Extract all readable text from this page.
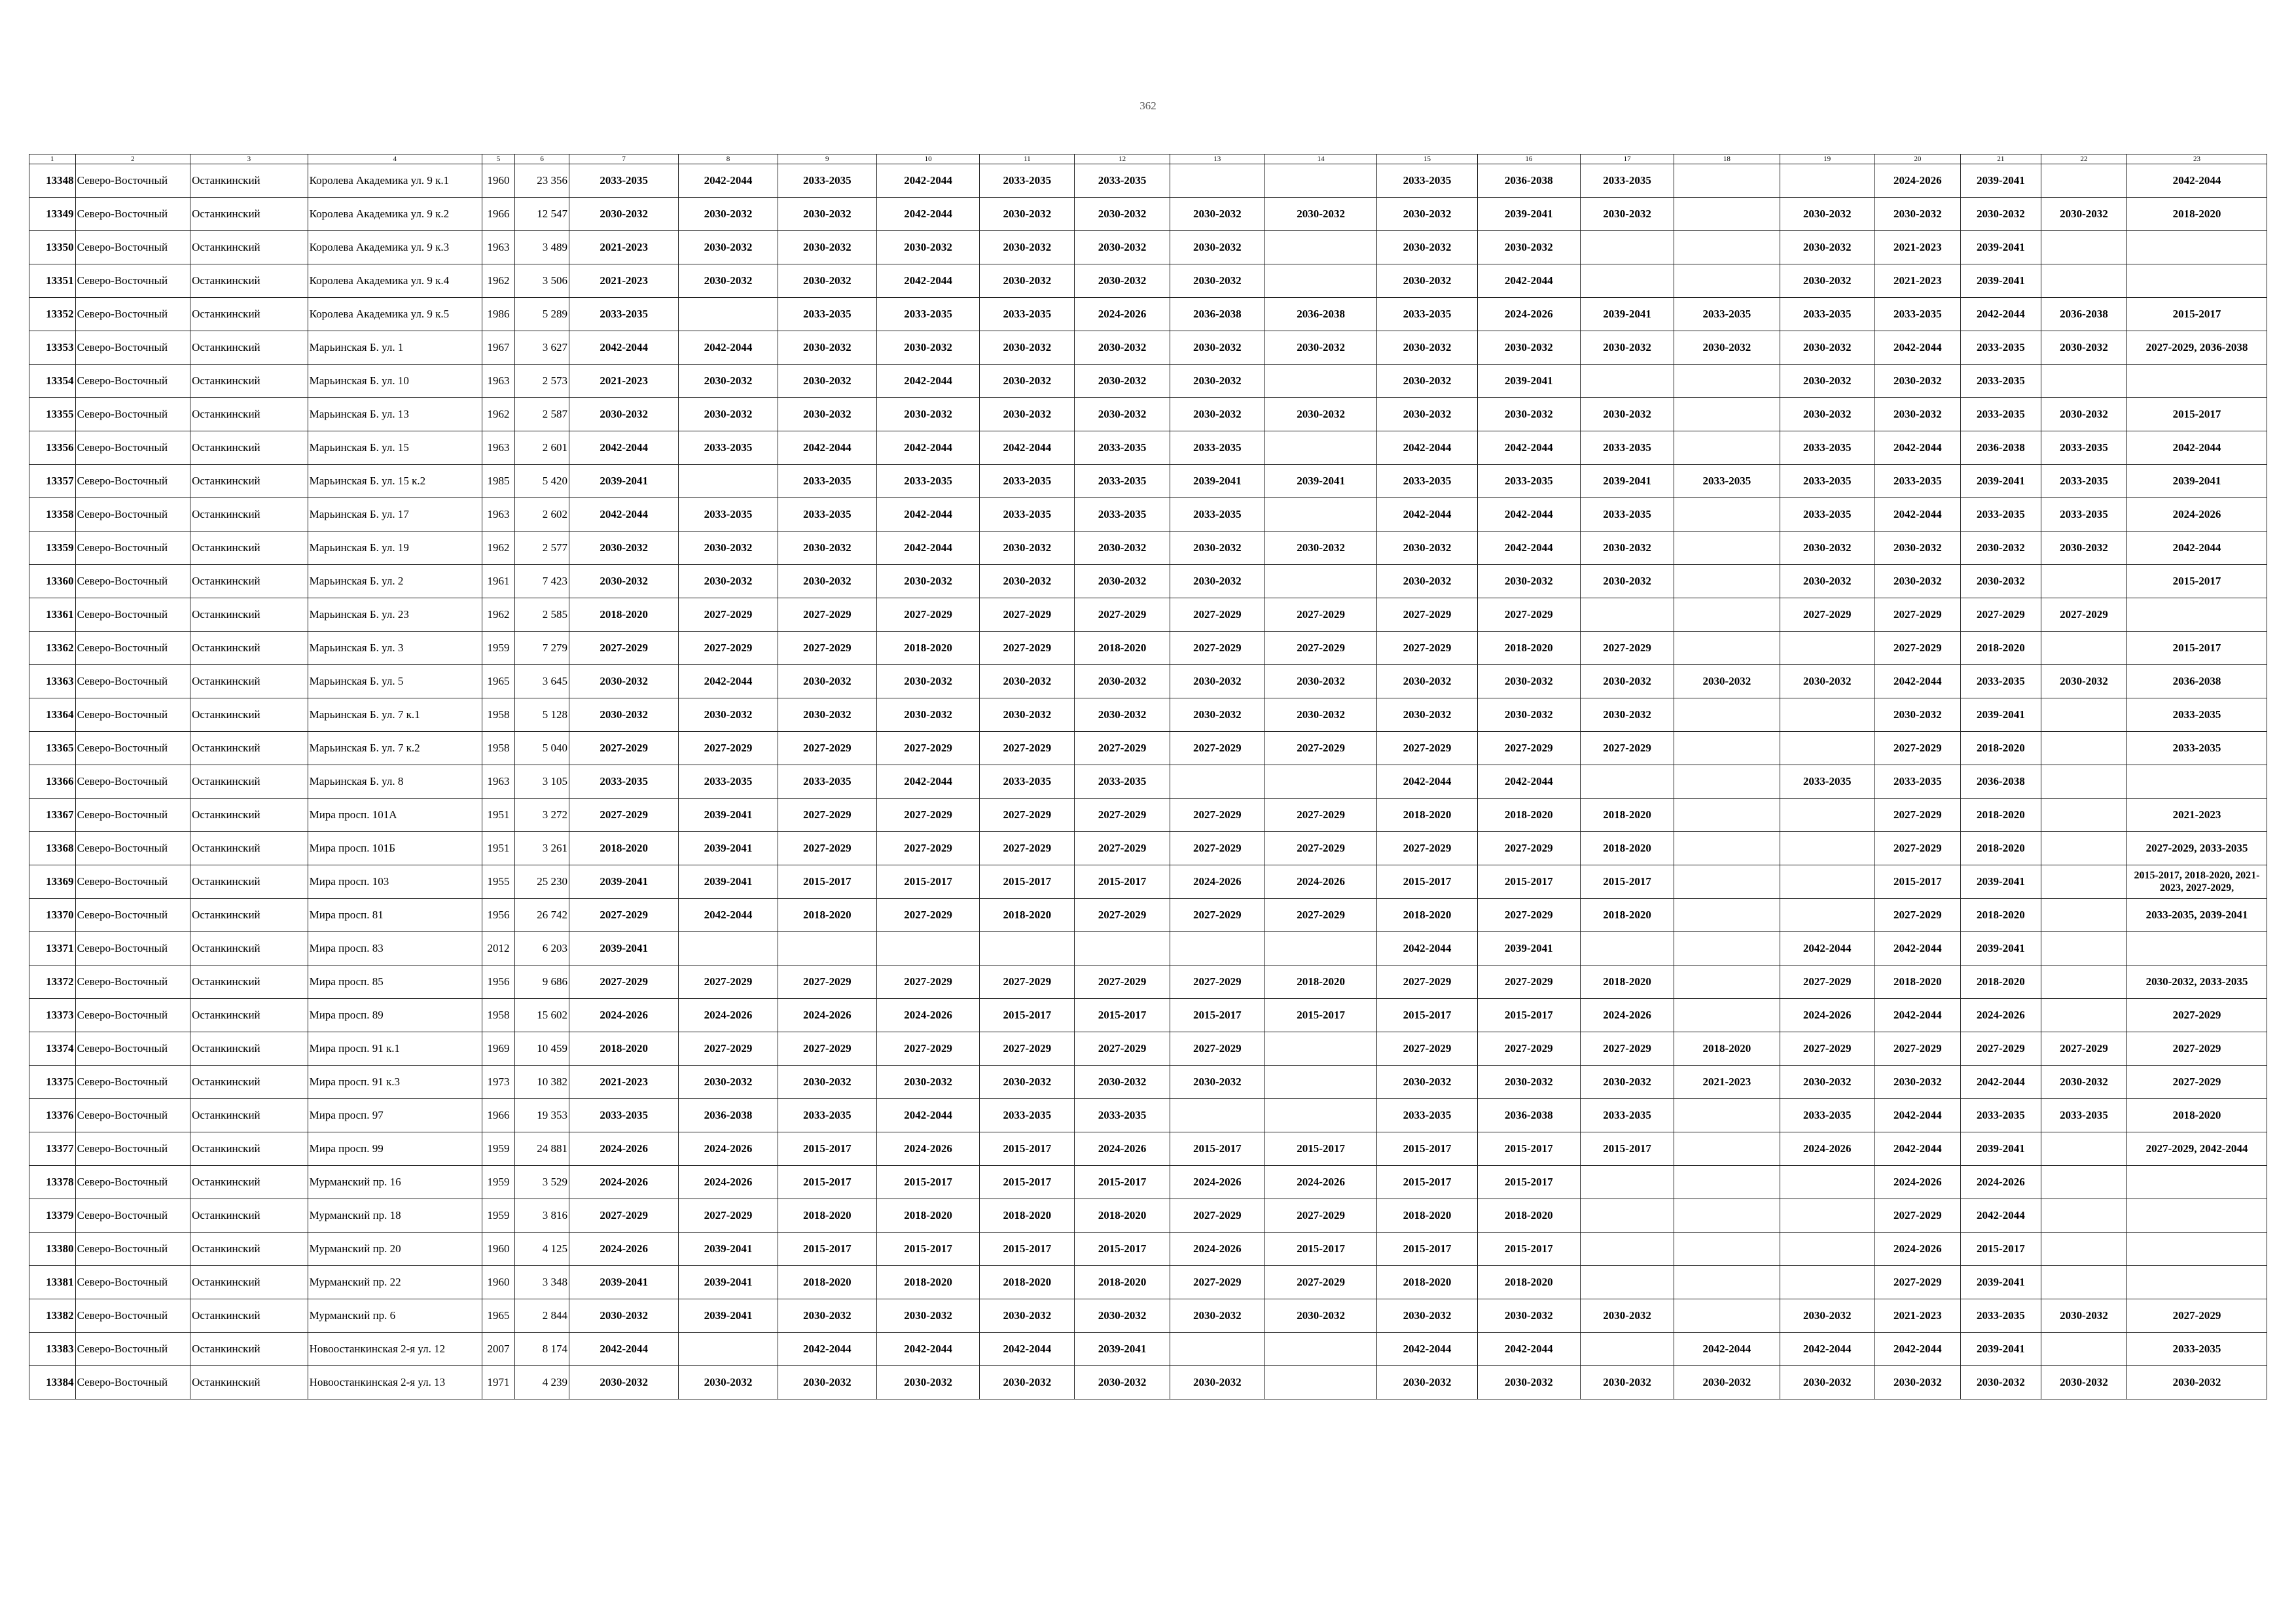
362
1	2	3	4	5	6	7	8	9	10	11	12	13	14	15	16	17	18	19	20	21	22	23
13348	Северо-Восточный	Останкинский	Королева Академика ул. 9 к.1	1960	23 356	2033-2035	2042-2044	2033-2035	2042-2044	2033-2035	2033-2035			2033-2035	2036-2038	2033-2035			2024-2026	2039-2041		2042-2044
13349	Северо-Восточный	Останкинский	Королева Академика ул. 9 к.2	1966	12 547	2030-2032	2030-2032	2030-2032	2042-2044	2030-2032	2030-2032	2030-2032	2030-2032	2030-2032	2039-2041	2030-2032		2030-2032	2030-2032	2030-2032	2030-2032	2018-2020
13350	Северо-Восточный	Останкинский	Королева Академика ул. 9 к.3	1963	3 489	2021-2023	2030-2032	2030-2032	2030-2032	2030-2032	2030-2032	2030-2032		2030-2032	2030-2032			2030-2032	2021-2023	2039-2041		
13351	Северо-Восточный	Останкинский	Королева Академика ул. 9 к.4	1962	3 506	2021-2023	2030-2032	2030-2032	2042-2044	2030-2032	2030-2032	2030-2032		2030-2032	2042-2044			2030-2032	2021-2023	2039-2041		
13352	Северо-Восточный	Останкинский	Королева Академика ул. 9 к.5	1986	5 289	2033-2035		2033-2035	2033-2035	2033-2035	2024-2026	2036-2038	2036-2038	2033-2035	2024-2026	2039-2041	2033-2035	2033-2035	2033-2035	2042-2044	2036-2038	2015-2017
13353	Северо-Восточный	Останкинский	Марьинская Б. ул. 1	1967	3 627	2042-2044	2042-2044	2030-2032	2030-2032	2030-2032	2030-2032	2030-2032	2030-2032	2030-2032	2030-2032	2030-2032	2030-2032	2030-2032	2042-2044	2033-2035	2030-2032	2027-2029, 2036-2038
13354	Северо-Восточный	Останкинский	Марьинская Б. ул. 10	1963	2 573	2021-2023	2030-2032	2030-2032	2042-2044	2030-2032	2030-2032	2030-2032		2030-2032	2039-2041			2030-2032	2030-2032	2033-2035		
13355	Северо-Восточный	Останкинский	Марьинская Б. ул. 13	1962	2 587	2030-2032	2030-2032	2030-2032	2030-2032	2030-2032	2030-2032	2030-2032	2030-2032	2030-2032	2030-2032	2030-2032		2030-2032	2030-2032	2033-2035	2030-2032	2015-2017
13356	Северо-Восточный	Останкинский	Марьинская Б. ул. 15	1963	2 601	2042-2044	2033-2035	2042-2044	2042-2044	2042-2044	2033-2035	2033-2035		2042-2044	2042-2044	2033-2035		2033-2035	2042-2044	2036-2038	2033-2035	2042-2044
13357	Северо-Восточный	Останкинский	Марьинская Б. ул. 15 к.2	1985	5 420	2039-2041		2033-2035	2033-2035	2033-2035	2033-2035	2039-2041	2039-2041	2033-2035	2033-2035	2039-2041	2033-2035	2033-2035	2033-2035	2039-2041	2033-2035	2039-2041
13358	Северо-Восточный	Останкинский	Марьинская Б. ул. 17	1963	2 602	2042-2044	2033-2035	2033-2035	2042-2044	2033-2035	2033-2035	2033-2035		2042-2044	2042-2044	2033-2035		2033-2035	2042-2044	2033-2035	2033-2035	2024-2026
13359	Северо-Восточный	Останкинский	Марьинская Б. ул. 19	1962	2 577	2030-2032	2030-2032	2030-2032	2042-2044	2030-2032	2030-2032	2030-2032	2030-2032	2030-2032	2042-2044	2030-2032		2030-2032	2030-2032	2030-2032	2030-2032	2042-2044
13360	Северо-Восточный	Останкинский	Марьинская Б. ул. 2	1961	7 423	2030-2032	2030-2032	2030-2032	2030-2032	2030-2032	2030-2032	2030-2032		2030-2032	2030-2032	2030-2032		2030-2032	2030-2032	2030-2032		2015-2017
13361	Северо-Восточный	Останкинский	Марьинская Б. ул. 23	1962	2 585	2018-2020	2027-2029	2027-2029	2027-2029	2027-2029	2027-2029	2027-2029	2027-2029	2027-2029	2027-2029			2027-2029	2027-2029	2027-2029	2027-2029	
13362	Северо-Восточный	Останкинский	Марьинская Б. ул. 3	1959	7 279	2027-2029	2027-2029	2027-2029	2018-2020	2027-2029	2018-2020	2027-2029	2027-2029	2027-2029	2018-2020	2027-2029			2027-2029	2018-2020		2015-2017
13363	Северо-Восточный	Останкинский	Марьинская Б. ул. 5	1965	3 645	2030-2032	2042-2044	2030-2032	2030-2032	2030-2032	2030-2032	2030-2032	2030-2032	2030-2032	2030-2032	2030-2032	2030-2032	2030-2032	2042-2044	2033-2035	2030-2032	2036-2038
13364	Северо-Восточный	Останкинский	Марьинская Б. ул. 7 к.1	1958	5 128	2030-2032	2030-2032	2030-2032	2030-2032	2030-2032	2030-2032	2030-2032	2030-2032	2030-2032	2030-2032	2030-2032			2030-2032	2039-2041		2033-2035
13365	Северо-Восточный	Останкинский	Марьинская Б. ул. 7 к.2	1958	5 040	2027-2029	2027-2029	2027-2029	2027-2029	2027-2029	2027-2029	2027-2029	2027-2029	2027-2029	2027-2029	2027-2029			2027-2029	2018-2020		2033-2035
13366	Северо-Восточный	Останкинский	Марьинская Б. ул. 8	1963	3 105	2033-2035	2033-2035	2033-2035	2042-2044	2033-2035	2033-2035			2042-2044	2042-2044			2033-2035	2033-2035	2036-2038		
13367	Северо-Восточный	Останкинский	Мира просп. 101А	1951	3 272	2027-2029	2039-2041	2027-2029	2027-2029	2027-2029	2027-2029	2027-2029	2027-2029	2018-2020	2018-2020	2018-2020			2027-2029	2018-2020		2021-2023
13368	Северо-Восточный	Останкинский	Мира просп. 101Б	1951	3 261	2018-2020	2039-2041	2027-2029	2027-2029	2027-2029	2027-2029	2027-2029	2027-2029	2027-2029	2027-2029	2018-2020			2027-2029	2018-2020		2027-2029, 2033-2035
13369	Северо-Восточный	Останкинский	Мира просп. 103	1955	25 230	2039-2041	2039-2041	2015-2017	2015-2017	2015-2017	2015-2017	2024-2026	2024-2026	2015-2017	2015-2017	2015-2017			2015-2017	2039-2041		2015-2017, 2018-2020, 2021-2023, 2027-2029,
13370	Северо-Восточный	Останкинский	Мира просп. 81	1956	26 742	2027-2029	2042-2044	2018-2020	2027-2029	2018-2020	2027-2029	2027-2029	2027-2029	2018-2020	2027-2029	2018-2020			2027-2029	2018-2020		2033-2035, 2039-2041
13371	Северо-Восточный	Останкинский	Мира просп. 83	2012	6 203	2039-2041								2042-2044	2039-2041			2042-2044	2042-2044	2039-2041		
13372	Северо-Восточный	Останкинский	Мира просп. 85	1956	9 686	2027-2029	2027-2029	2027-2029	2027-2029	2027-2029	2027-2029	2027-2029	2018-2020	2027-2029	2027-2029	2018-2020		2027-2029	2018-2020	2018-2020		2030-2032, 2033-2035
13373	Северо-Восточный	Останкинский	Мира просп. 89	1958	15 602	2024-2026	2024-2026	2024-2026	2024-2026	2015-2017	2015-2017	2015-2017	2015-2017	2015-2017	2015-2017	2024-2026		2024-2026	2042-2044	2024-2026		2027-2029
13374	Северо-Восточный	Останкинский	Мира просп. 91 к.1	1969	10 459	2018-2020	2027-2029	2027-2029	2027-2029	2027-2029	2027-2029	2027-2029		2027-2029	2027-2029	2027-2029	2018-2020	2027-2029	2027-2029	2027-2029	2027-2029	2027-2029
13375	Северо-Восточный	Останкинский	Мира просп. 91 к.3	1973	10 382	2021-2023	2030-2032	2030-2032	2030-2032	2030-2032	2030-2032	2030-2032		2030-2032	2030-2032	2030-2032	2021-2023	2030-2032	2030-2032	2042-2044	2030-2032	2027-2029
13376	Северо-Восточный	Останкинский	Мира просп. 97	1966	19 353	2033-2035	2036-2038	2033-2035	2042-2044	2033-2035	2033-2035			2033-2035	2036-2038	2033-2035		2033-2035	2042-2044	2033-2035	2033-2035	2018-2020
13377	Северо-Восточный	Останкинский	Мира просп. 99	1959	24 881	2024-2026	2024-2026	2015-2017	2024-2026	2015-2017	2024-2026	2015-2017	2015-2017	2015-2017	2015-2017	2015-2017		2024-2026	2042-2044	2039-2041		2027-2029, 2042-2044
13378	Северо-Восточный	Останкинский	Мурманский пр. 16	1959	3 529	2024-2026	2024-2026	2015-2017	2015-2017	2015-2017	2015-2017	2024-2026	2024-2026	2015-2017	2015-2017				2024-2026	2024-2026		
13379	Северо-Восточный	Останкинский	Мурманский пр. 18	1959	3 816	2027-2029	2027-2029	2018-2020	2018-2020	2018-2020	2018-2020	2027-2029	2027-2029	2018-2020	2018-2020				2027-2029	2042-2044		
13380	Северо-Восточный	Останкинский	Мурманский пр. 20	1960	4 125	2024-2026	2039-2041	2015-2017	2015-2017	2015-2017	2015-2017	2024-2026	2015-2017	2015-2017	2015-2017				2024-2026	2015-2017		
13381	Северо-Восточный	Останкинский	Мурманский пр. 22	1960	3 348	2039-2041	2039-2041	2018-2020	2018-2020	2018-2020	2018-2020	2027-2029	2027-2029	2018-2020	2018-2020				2027-2029	2039-2041		
13382	Северо-Восточный	Останкинский	Мурманский пр. 6	1965	2 844	2030-2032	2039-2041	2030-2032	2030-2032	2030-2032	2030-2032	2030-2032	2030-2032	2030-2032	2030-2032	2030-2032		2030-2032	2021-2023	2033-2035	2030-2032	2027-2029
13383	Северо-Восточный	Останкинский	Новоостанкинская 2-я ул. 12	2007	8 174	2042-2044		2042-2044	2042-2044	2042-2044	2039-2041			2042-2044	2042-2044		2042-2044	2042-2044	2042-2044	2039-2041		2033-2035
13384	Северо-Восточный	Останкинский	Новоостанкинская 2-я ул. 13	1971	4 239	2030-2032	2030-2032	2030-2032	2030-2032	2030-2032	2030-2032	2030-2032		2030-2032	2030-2032	2030-2032	2030-2032	2030-2032	2030-2032	2030-2032	2030-2032	2030-2032
